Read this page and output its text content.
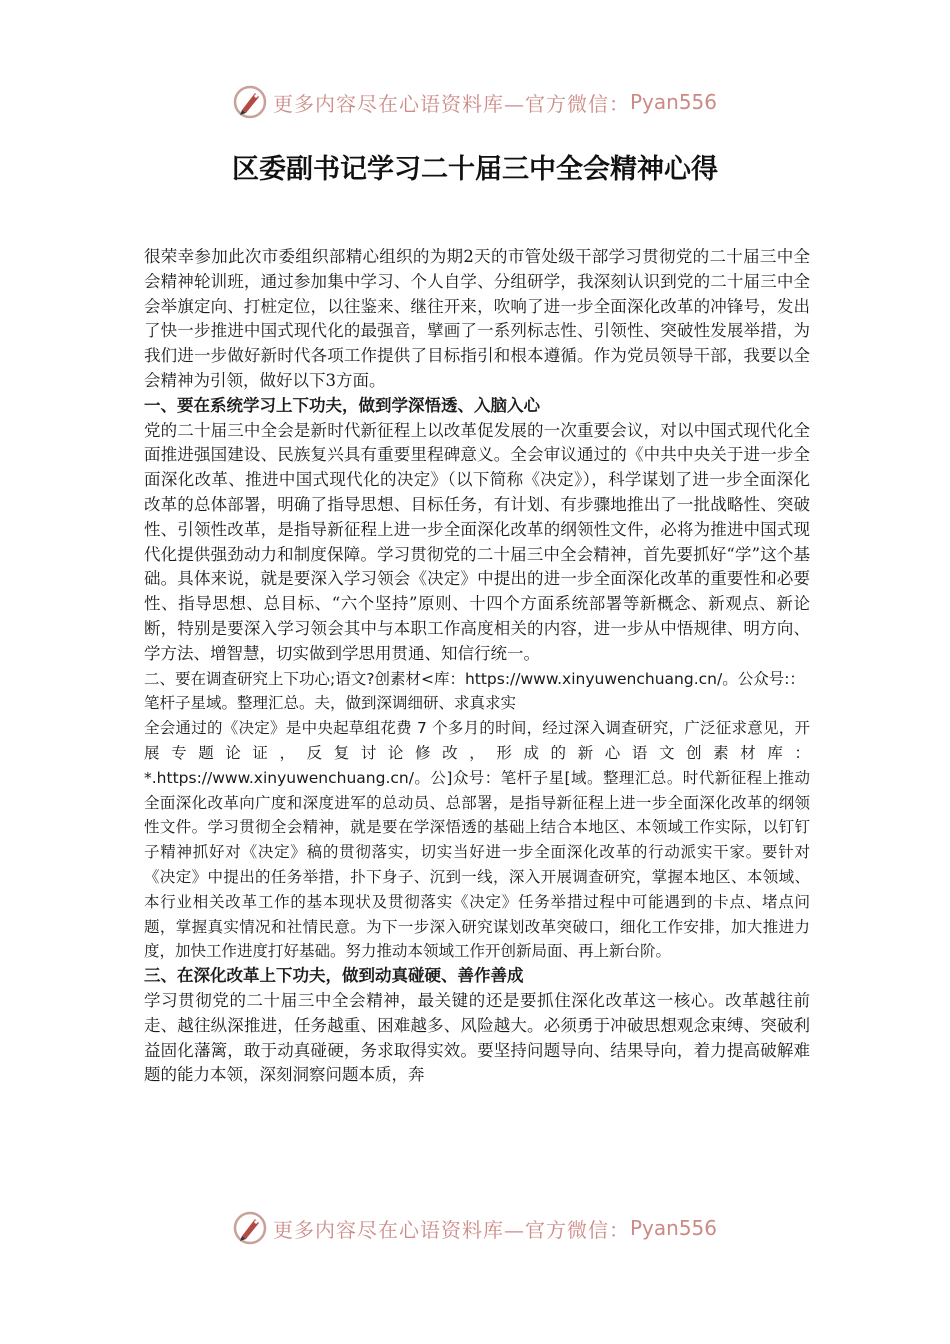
更多内容尽在心语资料库—官方微信： Pyan556
区委副书记学习二十届三中全会精神心得

很荣幸参加此次市委组织部精心组织的为期2天的市管处级干部学习贯彻党的二十届三中全会精神轮训班，通过参加集中学习、个人自学、分组研学，我深刻认识到党的二十届三中全会举旗定向、打桩定位，以往鉴来、继往开来，吹响了进一步全面深化改革的冲锋号，发出了快一步推进中国式现代化的最强音，擘画了一系列标志性、引领性、突破性发展举措，为我们进一步做好新时代各项工作提供了目标指引和根本遵循。作为党员领导干部，我要以全会精神为引领，做好以下3方面。

一、要在系统学习上下功夫，做到学深悟透、入脑入心

党的二十届三中全会是新时代新征程上以改革促发展的一次重要会议，对以中国式现代化全面推进强国建设、民族复兴具有重要里程碑意义。全会审议通过的《中共中央关于进一步全面深化改革、推进中国式现代化的决定》（以下简称《决定》），科学谋划了进一步全面深化改革的总体部署，明确了指导思想、目标任务，有计划、有步骤地推出了一批战略性、突破性、引领性改革，是指导新征程上进一步全面深化改革的纲领性文件，必将为推进中国式现代化提供强劲动力和制度保障。学习贯彻党的二十届三中全会精神，首先要抓好“学”这个基础。具体来说，就是要深入学习领会《决定》中提出的进一步全面深化改革的重要性和必要性、指导思想、总目标、“六个坚持”原则、十四个方面系统部署等新概念、新观点、新论断，特别是要深入学习领会其中与本职工作高度相关的内容，进一步从中悟规律、明方向、学方法、增智慧，切实做到学思用贯通、知信行统一。

二、要在调查研究上下功心;语文?创素材<库：https://www.xinyuwenchuang.cn/。公众号:：笔杆子星域。整理汇总。夫，做到深调细研、求真求实

全会通过的《决定》是中央起草组花费 7 个多月的时间，经过深入调查研究，广泛征求意见，开展专题论证，反复讨论修改，形成的新心语文创素材库：*.https://www.xinyuwenchuang.cn/。公]众号：笔杆子星[域。整理汇总。时代新征程上推动全面深化改革向广度和深度进军的总动员、总部署，是指导新征程上进一步全面深化改革的纲领性文件。学习贯彻全会精神，就是要在学深悟透的基础上结合本地区、本领域工作实际，以钉钉子精神抓好对《决定》稿的贯彻落实，切实当好进一步全面深化改革的行动派实干家。要针对《决定》中提出的任务举措，扑下身子、沉到一线，深入开展调查研究，掌握本地区、本领域、本行业相关改革工作的基本现状及贯彻落实《决定》任务举措过程中可能遇到的卡点、堵点问题，掌握真实情况和社情民意。为下一步深入研究谋划改革突破口，细化工作安排，加大推进力度，加快工作进度打好基础。努力推动本领域工作开创新局面、再上新台阶。

三、在深化改革上下功夫，做到动真碰硬、善作善成

学习贯彻党的二十届三中全会精神，最关键的还是要抓住深化改革这一核心。改革越往前走、越往纵深推进，任务越重、困难越多、风险越大。必须勇于冲破思想观念束缚、突破利益固化藩篱，敢于动真碰硬，务求取得实效。要坚持问题导向、结果导向，着力提高破解难题的能力本领，深刻洞察问题本质，奔

更多内容尽在心语资料库—官方微信： Pyan556
